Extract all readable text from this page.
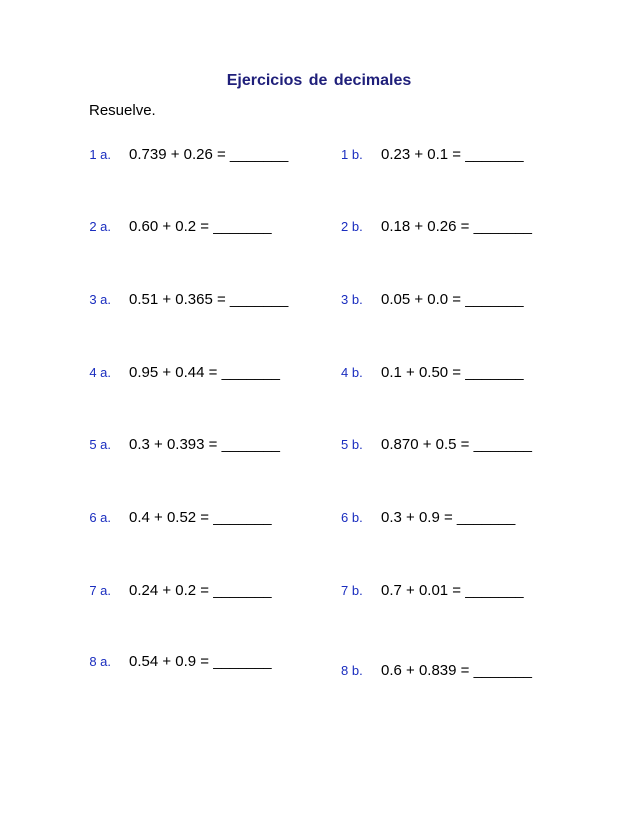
Ejercicios de decimales
Resuelve.
1 a. 0.739 + 0.26 = _______
2 a. 0.60 + 0.2 = _______
3 a. 0.51 + 0.365 = _______
4 a. 0.95 + 0.44 = _______
5 a. 0.3 + 0.393 = _______
6 a. 0.4 + 0.52 = _______
7 a. 0.24 + 0.2 = _______
8 a. 0.54 + 0.9 = _______
1 b.	0.23 + 0.1 = _______
2 b.	0.18 + 0.26 = _______
3 b.	0.05 + 0.0 = _______
4 b.	0.1 + 0.50 = _______
5 b.	0.870 + 0.5 = _______
6 b.	0.3 + 0.9 = _______
7 b.	0.7 + 0.01 = _______
8 b.	0.6 + 0.839 = _______
